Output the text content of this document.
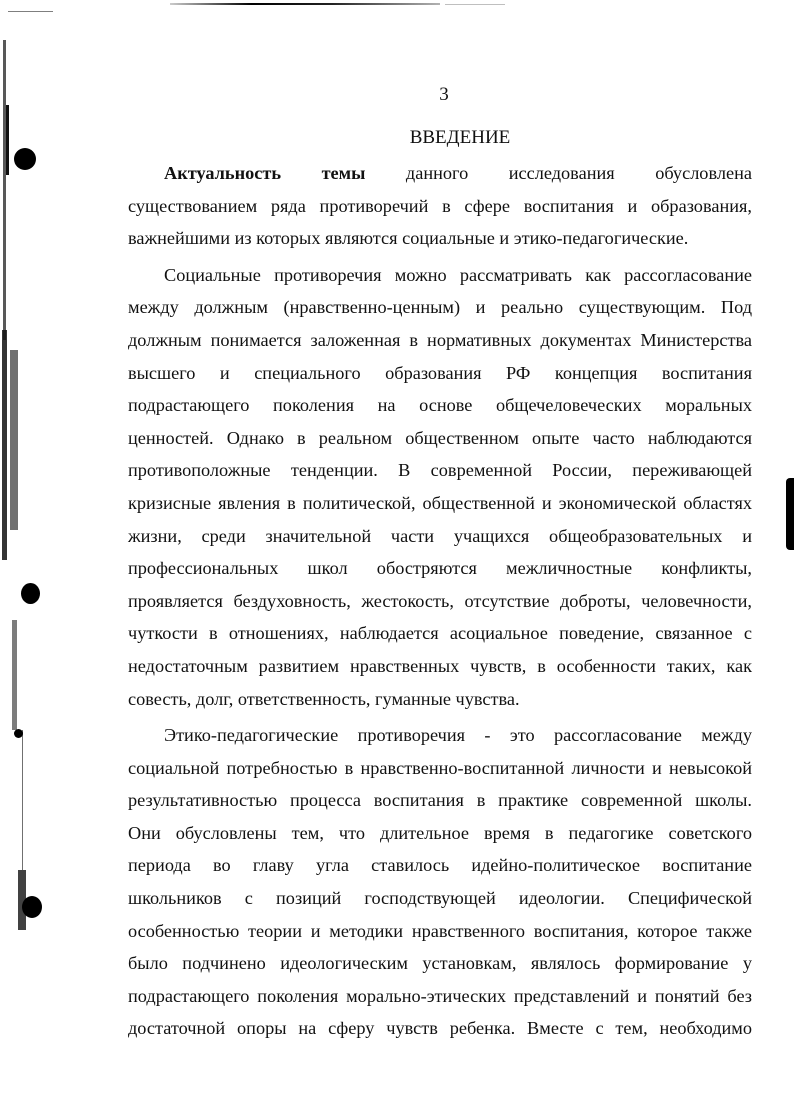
3
ВВЕДЕНИЕ

Актуальность темы данного исследования обусловлена
существованием ряда противоречий в сфере воспитания и образования,
важнейшими из которых являются социальные и этико-педагогические.

Социальные противоречия можно рассматривать как рассогласование
между должным (нравственно-ценным) и реально существующим. Под
должным понимается заложенная в нормативных документах Министерства
высшего и специального образования РФ концепция воспитания
подрастающего поколения на основе общечеловеческих моральных
ценностей. Однако в реальном общественном опыте часто наблюдаются
противоположные тенденции. В современной России, переживающей
кризисные явления в политической, общественной и экономической областях
жизни, среди значительной части учащихся общеобразовательных и
профессиональных школ обостряются межличностные конфликты,
проявляется бездуховность, жестокость, отсутствие доброты, человечности,
чуткости в отношениях, наблюдается асоциальное поведение, связанное с
недостаточным развитием нравственных чувств, в особенности таких, как
совесть, долг, ответственность, гуманные чувства.

Этико-педагогические противоречия - это рассогласование между
социальной потребностью в нравственно-воспитанной личности и невысокой
результативностью процесса воспитания в практике современной школы.
Они обусловлены тем, что длительное время в педагогике советского
периода во главу угла ставилось идейно-политическое воспитание
школьников с позиций господствующей идеологии. Специфической
особенностью теории и методики нравственного воспитания, которое также
было подчинено идеологическим установкам, являлось формирование у
подрастающего поколения морально-этических представлений и понятий без
достаточной опоры на сферу чувств ребенка. Вместе с тем, необходимо
